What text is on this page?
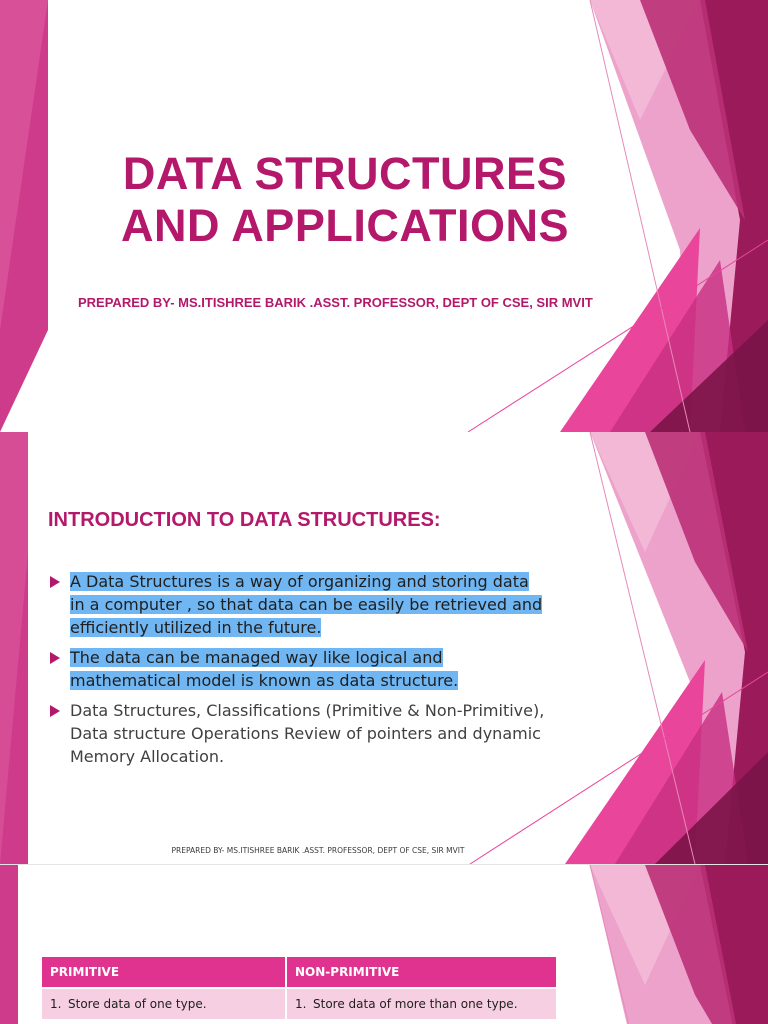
DATA STRUCTURES
AND APPLICATIONS

PREPARED BY- MS.ITISHREE BARIK .ASST. PROFESSOR, DEPT OF CSE, SIR MVIT

INTRODUCTION TO DATA STRUCTURES:
A Data Structures is a way of organizing and storing data in a computer , so that data can be easily be retrieved and efficiently utilized in the future.
The data can be managed way like logical and mathematical model is known as data structure.
Data Structures, Classifications (Primitive & Non-Primitive), Data structure Operations Review of pointers and dynamic Memory Allocation.

PREPARED BY- MS.ITISHREE BARIK .ASST. PROFESSOR, DEPT OF CSE, SIR MVIT

PRIMITIVE	NON-PRIMITIVE
1. Store data of one type.	1. Store data of more than one type.
